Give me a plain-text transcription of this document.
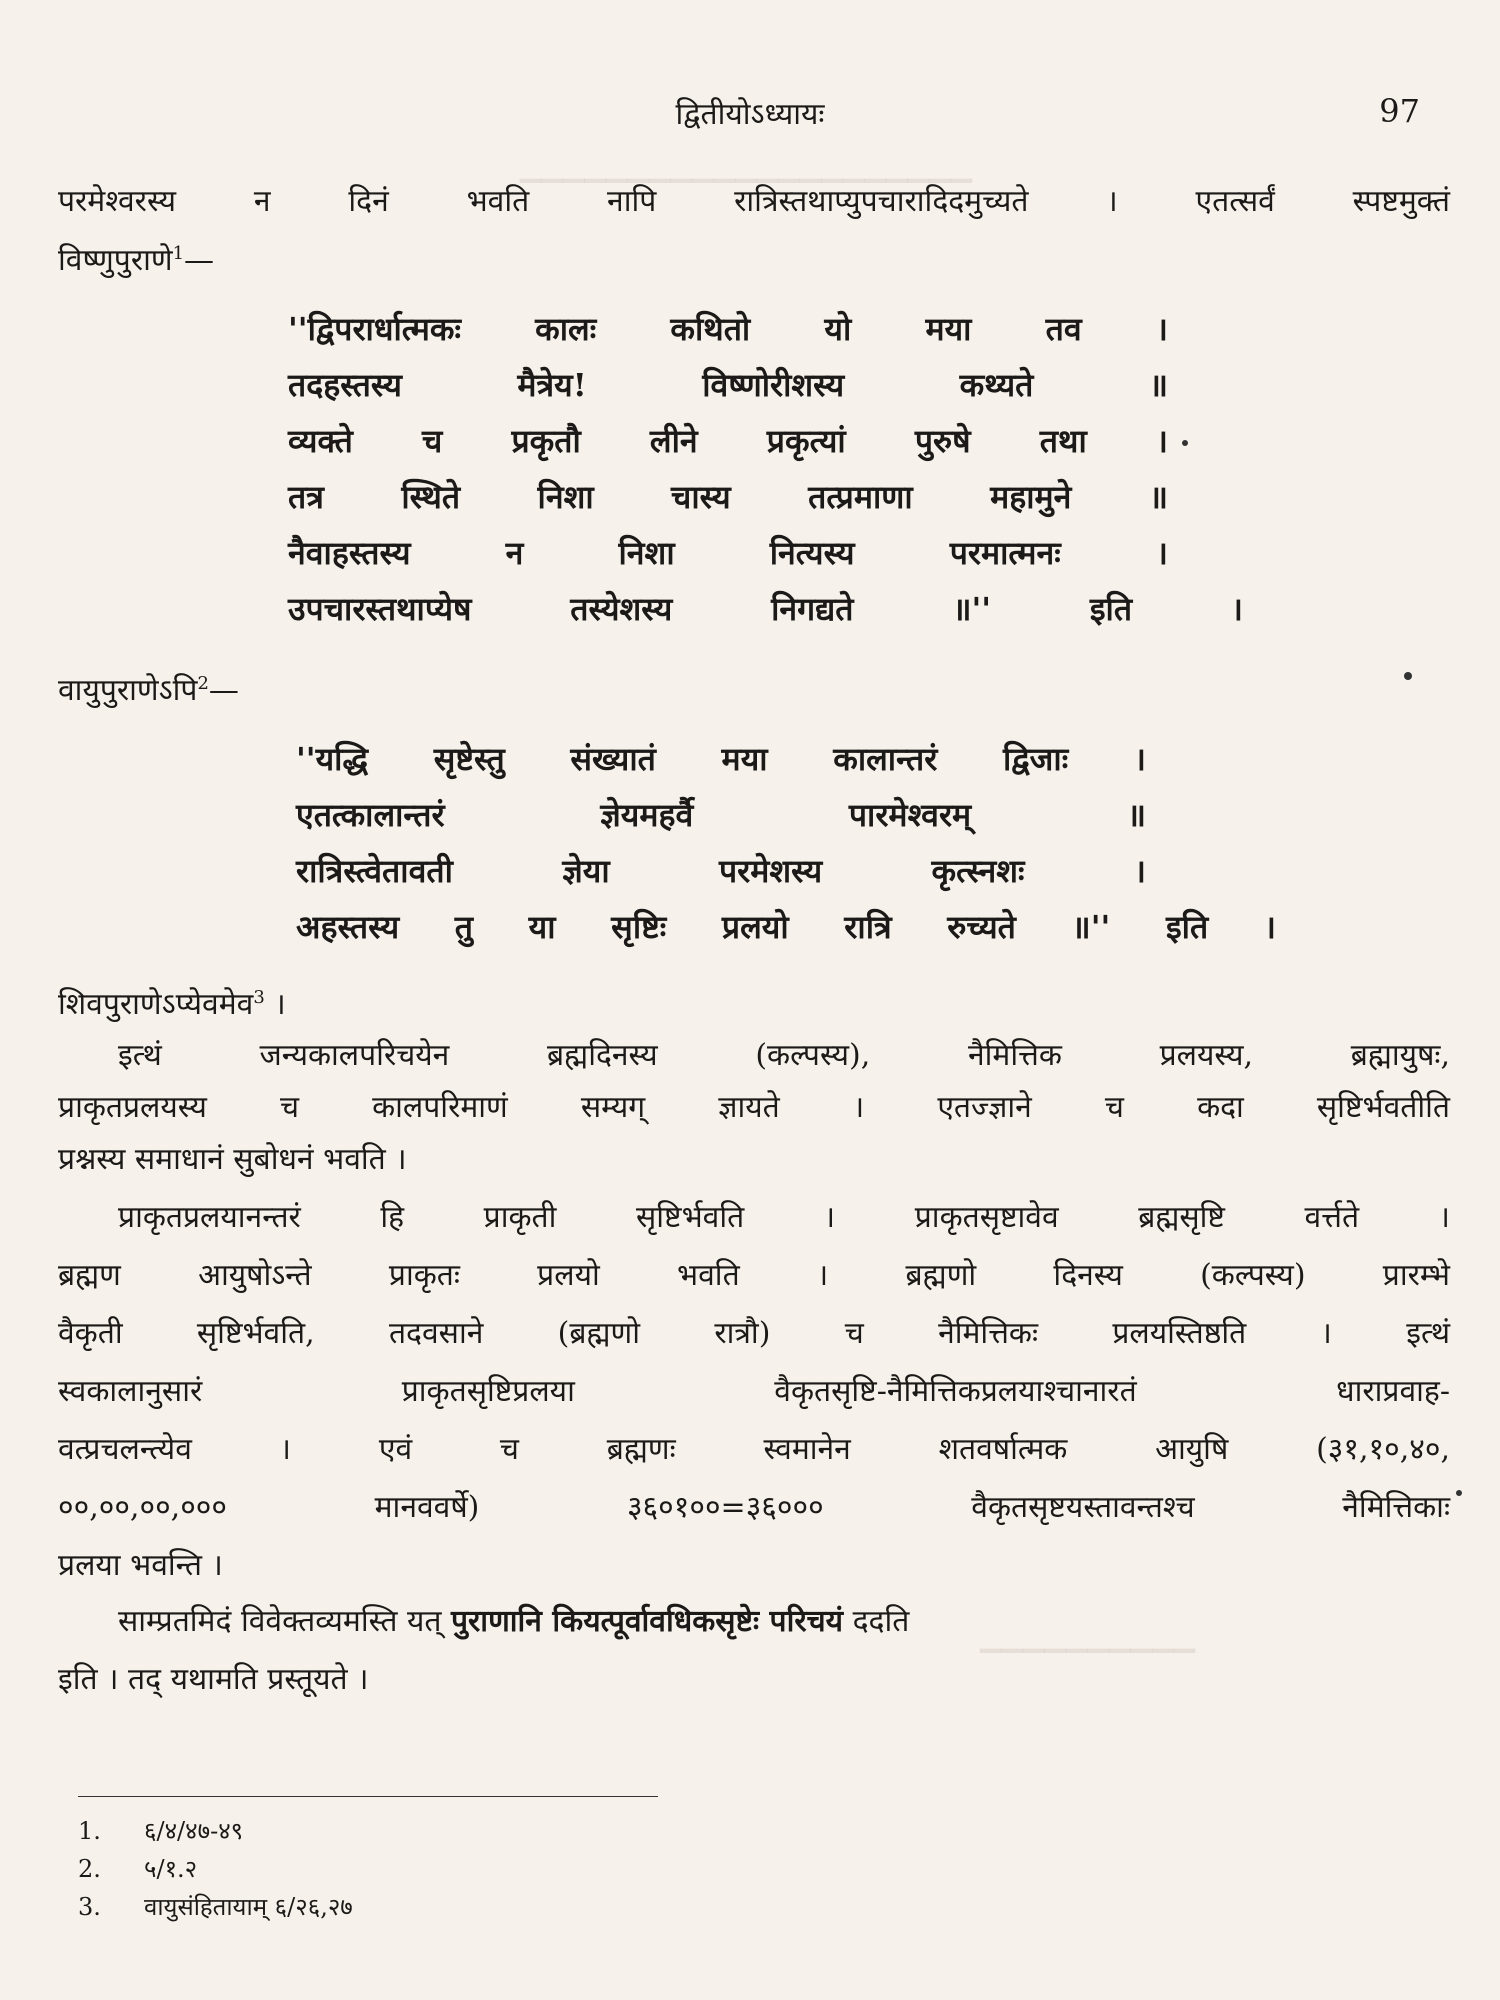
▁▁▁▁▁▁▁▁▁▁▁▁▁▁▁▁▁▁▁▁▁
▁▁▁▁▁▁▁▁▁▁
द्वितीयोऽध्यायः	97
परमेश्वरस्य न दिनं भवति नापि रात्रिस्तथाप्युपचारादिदमुच्यते । एतत्सर्वं स्पष्टमुक्तं
विष्णुपुराणे$^1$—
''द्विपरार्धात्मकः कालः कथितो यो मया तव ।
तदहस्तस्य मैत्रेय! विष्णोरीशस्य कथ्यते ॥
व्यक्ते च प्रकृतौ लीने प्रकृत्यां पुरुषे तथा ।
तत्र स्थिते निशा चास्य तत्प्रमाणा महामुने ॥
नैवाहस्तस्य न निशा नित्यस्य परमात्मनः ।
उपचारस्तथाप्येष तस्येशस्य निगद्यते ॥'' इति ।
वायुपुराणेऽपि$^2$—
''यद्धि सृष्टेस्तु संख्यातं मया कालान्तरं द्विजाः ।
एतत्कालान्तरं ज्ञेयमहर्वै पारमेश्वरम् ॥
रात्रिस्त्वेतावती ज्ञेया परमेशस्य कृत्स्नशः ।
अहस्तस्य तु या सृष्टिः प्रलयो रात्रि रुच्यते ॥'' इति ।
शिवपुराणेऽप्येवमेव$^3$ ।
इत्थं जन्यकालपरिचयेन ब्रह्मदिनस्य (कल्पस्य), नैमित्तिक प्रलयस्य, ब्रह्मायुषः,
प्राकृतप्रलयस्य च कालपरिमाणं सम्यग् ज्ञायते । एतज्ज्ञाने च कदा सृष्टिर्भवतीति
प्रश्नस्य समाधानं सुबोधनं भवति ।
प्राकृतप्रलयानन्तरं हि प्राकृती सृष्टिर्भवति । प्राकृतसृष्टावेव ब्रह्मसृष्टि वर्त्तते ।
ब्रह्मण आयुषोऽन्ते प्राकृतः प्रलयो भवति । ब्रह्मणो दिनस्य (कल्पस्य) प्रारम्भे
वैकृती सृष्टिर्भवति, तदवसाने (ब्रह्मणो रात्रौ) च नैमित्तिकः प्रलयस्तिष्ठति । इत्थं
स्वकालानुसारं प्राकृतसृष्टिप्रलया वैकृतसृष्टि-नैमित्तिकप्रलयाश्चानारतं धाराप्रवाह-
वत्प्रचलन्त्येव । एवं च ब्रह्मणः स्वमानेन शतवर्षात्मक आयुषि (३१,१०,४०,
००,००,००,००० मानववर्षे) ३६०१००=३६००० वैकृतसृष्टयस्तावन्तश्च नैमित्तिकाः
प्रलया भवन्ति ।
साम्प्रतमिदं विवेक्तव्यमस्ति यत् पुराणानि कियत्पूर्वावधिकसृष्टेः परिचयं ददति
इति । तद् यथामति प्रस्तूयते ।
1. ६/४/४७-४९
2. ५/१.२
3. वायुसंहितायाम् ६/२६,२७
